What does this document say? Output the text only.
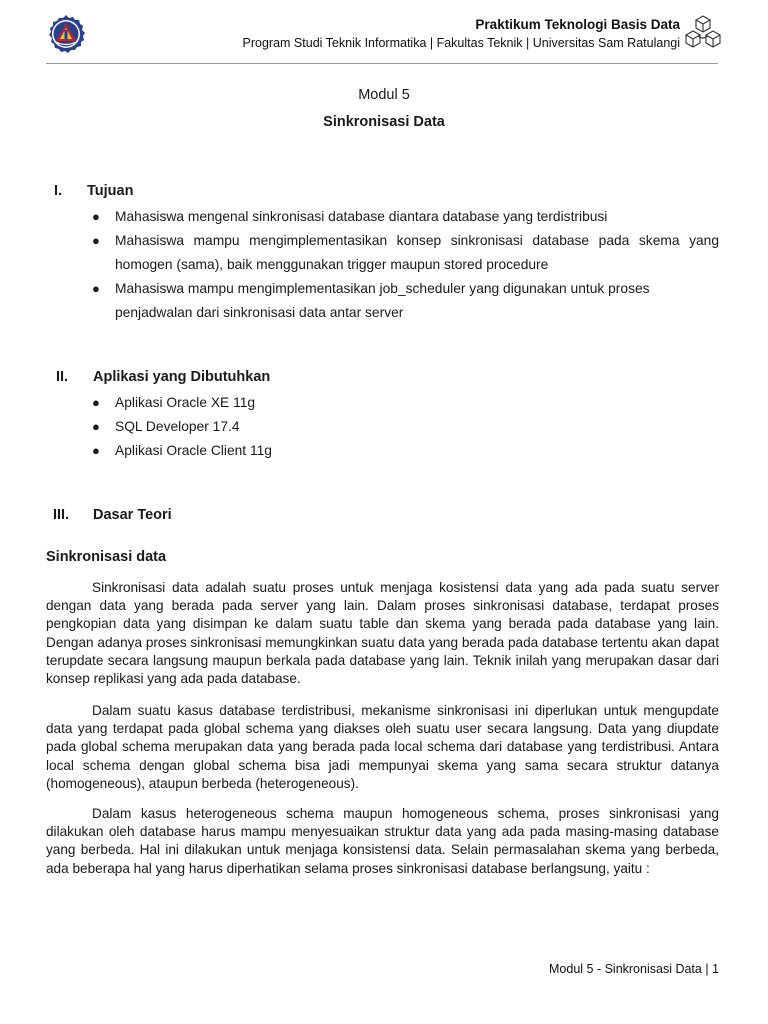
Praktikum Teknologi Basis Data
Program Studi Teknik Informatika | Fakultas Teknik | Universitas Sam Ratulangi
Modul 5
Sinkronisasi Data
I. Tujuan
● Mahasiswa mengenal sinkronisasi database diantara database yang terdistribusi
● Mahasiswa mampu mengimplementasikan konsep sinkronisasi database pada skema yang homogen (sama), baik menggunakan trigger maupun stored procedure
● Mahasiswa mampu mengimplementasikan job_scheduler yang digunakan untuk proses penjadwalan dari sinkronisasi data antar server
II. Aplikasi yang Dibutuhkan
● Aplikasi Oracle XE 11g
● SQL Developer 17.4
● Aplikasi Oracle Client 11g
III. Dasar Teori
Sinkronisasi data

Sinkronisasi data adalah suatu proses untuk menjaga kosistensi data yang ada pada suatu server dengan data yang berada pada server yang lain. Dalam proses sinkronisasi database, terdapat proses pengkopian data yang disimpan ke dalam suatu table dan skema yang berada pada database yang lain. Dengan adanya proses sinkronisasi memungkinkan suatu data yang berada pada database tertentu akan dapat terupdate secara langsung maupun berkala pada database yang lain. Teknik inilah yang merupakan dasar dari konsep replikasi yang ada pada database.

Dalam suatu kasus database terdistribusi, mekanisme sinkronisasi ini diperlukan untuk mengupdate data yang terdapat pada global schema yang diakses oleh suatu user secara langsung. Data yang diupdate pada global schema merupakan data yang berada pada local schema dari database yang terdistribusi. Antara local schema dengan global schema bisa jadi mempunyai skema yang sama secara struktur datanya (homogeneous), ataupun berbeda (heterogeneous).

Dalam kasus heterogeneous schema maupun homogeneous schema, proses sinkronisasi yang dilakukan oleh database harus mampu menyesuaikan struktur data yang ada pada masing-masing database yang berbeda. Hal ini dilakukan untuk menjaga konsistensi data. Selain permasalahan skema yang berbeda, ada beberapa hal yang harus diperhatikan selama proses sinkronisasi database berlangsung, yaitu :

Modul 5 - Sinkronisasi Data | 1
